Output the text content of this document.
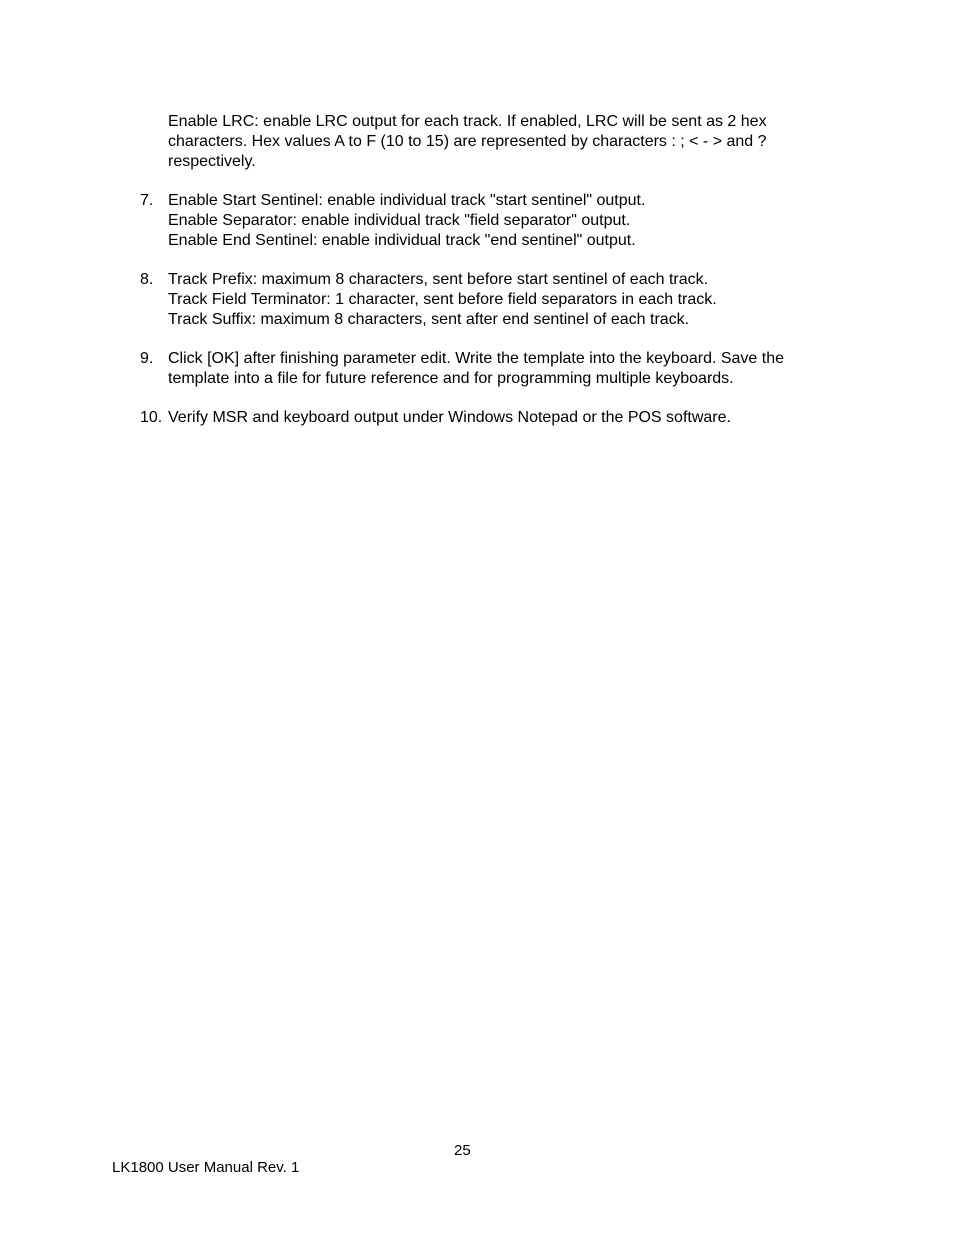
Enable LRC: enable LRC output for each track. If enabled, LRC will be sent as 2 hex
characters. Hex values A to F (10 to 15) are represented by characters : ; < - > and ?
respectively.
7. Enable Start Sentinel: enable individual track "start sentinel" output.
Enable Separator: enable individual track "field separator" output.
Enable End Sentinel: enable individual track "end sentinel" output.
8. Track Prefix: maximum 8 characters, sent before start sentinel of each track.
Track Field Terminator: 1 character, sent before field separators in each track.
Track Suffix: maximum 8 characters, sent after end sentinel of each track.
9. Click [OK] after finishing parameter edit. Write the template into the keyboard. Save the
template into a file for future reference and for programming multiple keyboards.
10. Verify MSR and keyboard output under Windows Notepad or the POS software.
25
LK1800 User Manual Rev. 1
